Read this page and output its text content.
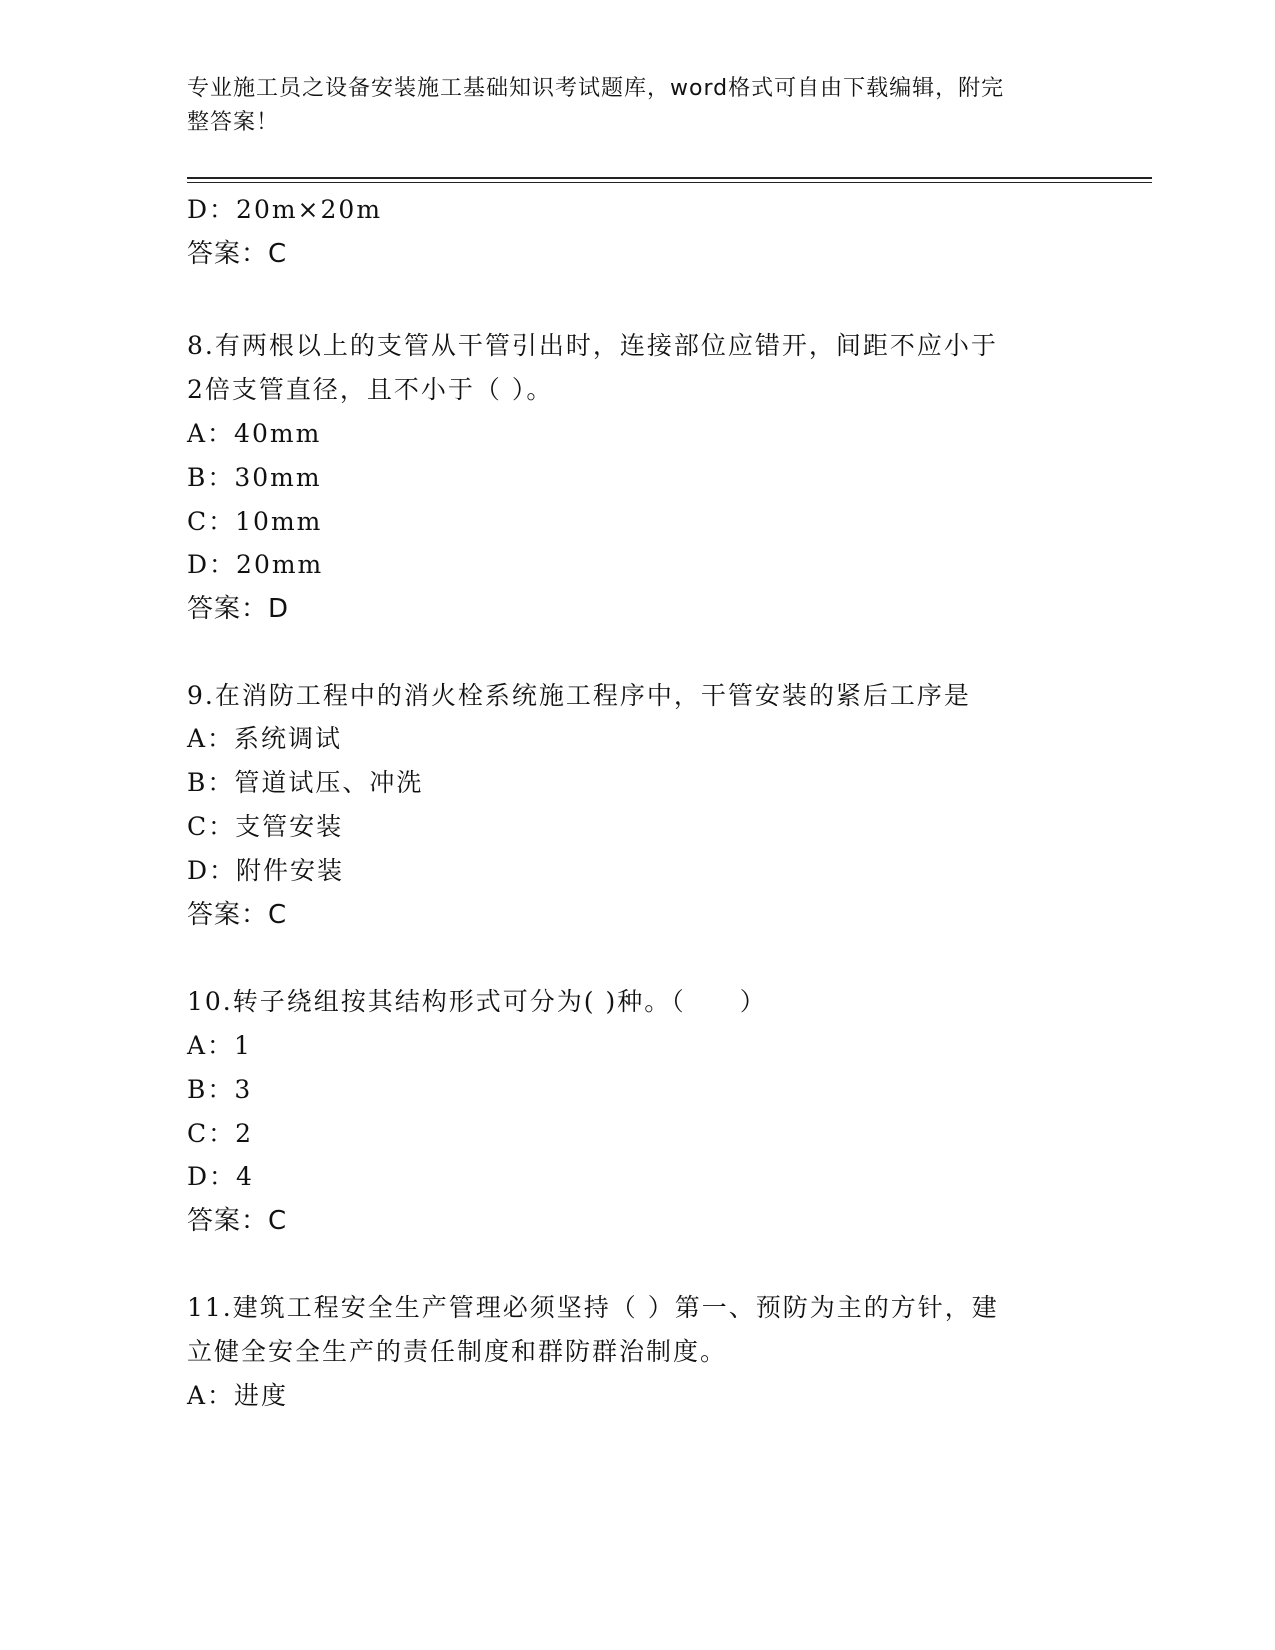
专业施工员之设备安装施工基础知识考试题库，word格式可自由下载编辑，附完
整答案！
D：20m×20m
答案：C
8.有两根以上的支管从干管引出时，连接部位应错开，间距不应小于
2倍支管直径，且不小于（ ）。
A：40mm
B：30mm
C：10mm
D：20mm
答案：D
9.在消防工程中的消火栓系统施工程序中，干管安装的紧后工序是
A：系统调试
B：管道试压、冲洗
C：支管安装
D：附件安装
答案：C
10.转子绕组按其结构形式可分为( )种。（　　）
A：1
B：3
C：2
D：4
答案：C
11.建筑工程安全生产管理必须坚持（ ）第一、预防为主的方针，建
立健全安全生产的责任制度和群防群治制度。
A：进度
